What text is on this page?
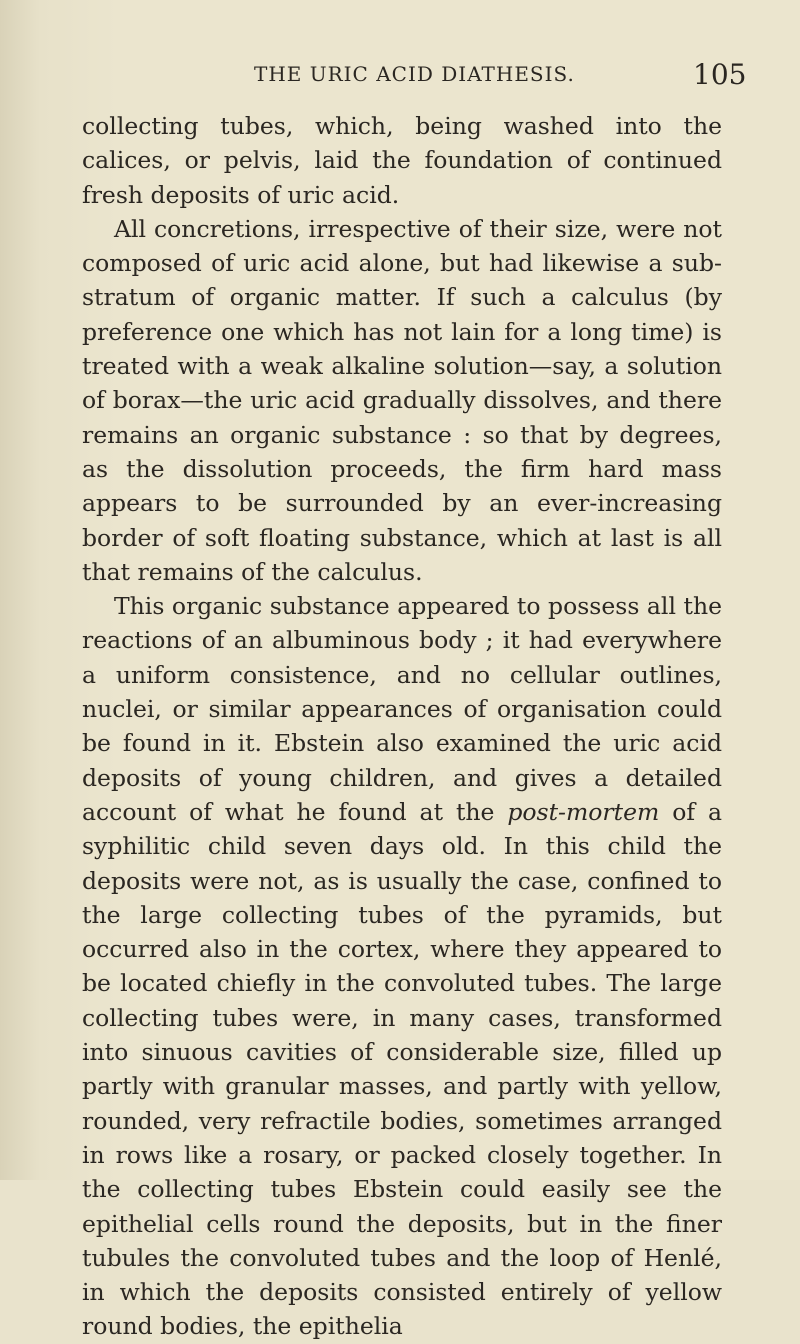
THE URIC ACID DIATHESIS.	105

collecting tubes, which, being washed into the calices, or pelvis, laid the foundation of continued fresh deposits of uric acid.

All concretions, irrespective of their size, were not composed of uric acid alone, but had likewise a sub-stratum of organic matter. If such a calculus (by preference one which has not lain for a long time) is treated with a weak alkaline solution—say, a solution of borax—the uric acid gradually dissolves, and there remains an organic substance : so that by degrees, as the dissolution proceeds, the firm hard mass appears to be surrounded by an ever-increasing border of soft floating substance, which at last is all that remains of the calculus.

This organic substance appeared to possess all the reactions of an albuminous body ; it had everywhere a uniform consistence, and no cellular outlines, nuclei, or similar appearances of organisation could be found in it. Ebstein also examined the uric acid deposits of young children, and gives a detailed account of what he found at the post-mortem of a syphilitic child seven days old. In this child the deposits were not, as is usually the case, confined to the large collecting tubes of the pyramids, but occurred also in the cortex, where they appeared to be located chiefly in the convoluted tubes. The large collecting tubes were, in many cases, transformed into sinuous cavities of considerable size, filled up partly with granular masses, and partly with yellow, rounded, very refractile bodies, sometimes arranged in rows like a rosary, or packed closely together. In the collecting tubes Ebstein could easily see the epithelial cells round the deposits, but in the finer tubules the convoluted tubes and the loop of Henlé, in which the deposits consisted entirely of yellow round bodies, the epithelia
